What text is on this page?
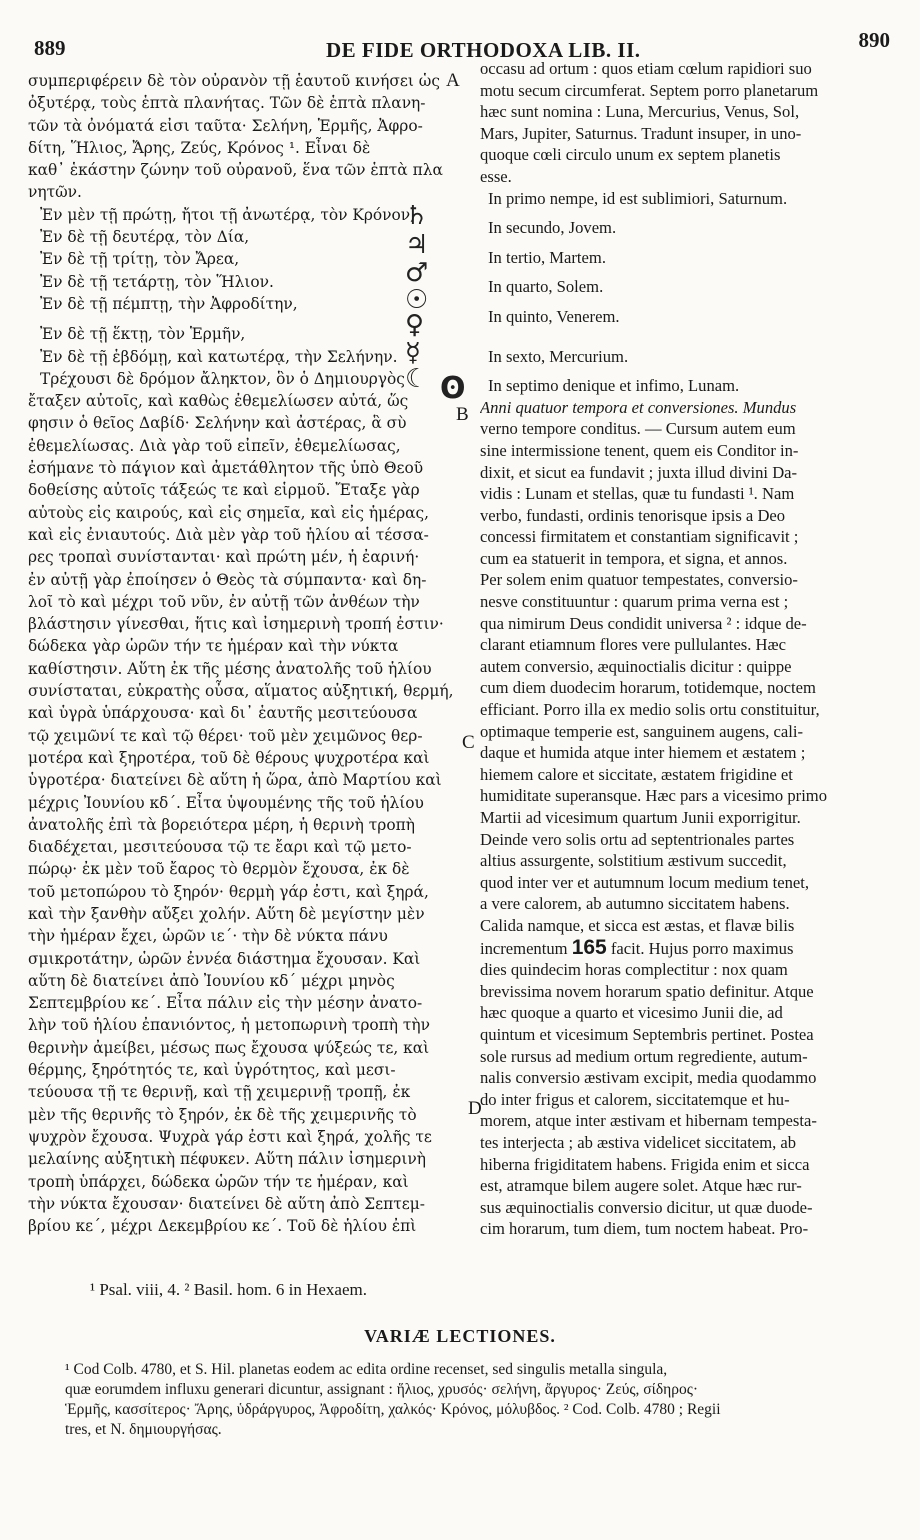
889	DE FIDE ORTHODOXA LIB. II.	890
A
B
C
D
♄
♃
♂
☉
♀
☿
☾ ʘ
συμπεριφέρειν δὲ τὸν οὐρανὸν τῇ ἑαυτοῦ κινήσει ὡς
ὀξυτέρᾳ, τοὺς ἑπτὰ πλανήτας. Τῶν δὲ ἑπτὰ πλανη-
τῶν τὰ ὀνόματά εἰσι ταῦτα· Σελήνη, Ἑρμῆς, Ἀφρο-
δίτη, Ἥλιος, Ἄρης, Ζεύς, Κρόνος ¹. Εἶναι δὲ
καθ᾽ ἑκάστην ζώνην τοῦ οὐρανοῦ, ἕνα τῶν ἑπτὰ πλα
νητῶν.
Ἐν μὲν τῇ πρώτῃ, ἤτοι τῇ ἀνωτέρᾳ, τὸν Κρόνον,
Ἐν δὲ τῇ δευτέρᾳ, τὸν Δία,
Ἐν δὲ τῇ τρίτῃ, τὸν Ἄρεα,
Ἐν δὲ τῇ τετάρτῃ, τὸν Ἥλιον.
Ἐν δὲ τῇ πέμπτῃ, τὴν Ἀφροδίτην,
Ἐν δὲ τῇ ἕκτῃ, τὸν Ἑρμῆν,
Ἐν δὲ τῇ ἑβδόμῃ, καὶ κατωτέρᾳ, τὴν Σελήνην.
Τρέχουσι δὲ δρόμον ἄληκτον, ὃν ὁ Δημιουργὸς
ἔταξεν αὐτοῖς, καὶ καθὼς ἐθεμελίωσεν αὐτά, ὥς
φησιν ὁ θεῖος Δαβίδ· Σελήνην καὶ ἀστέρας, ἃ σὺ
ἐθεμελίωσας. Διὰ γὰρ τοῦ εἰπεῖν, ἐθεμελίωσας,
ἐσήμανε τὸ πάγιον καὶ ἀμετάθλητον τῆς ὑπὸ Θεοῦ
δοθείσης αὐτοῖς τάξεώς τε καὶ εἱρμοῦ. Ἔταξε γὰρ
αὐτοὺς εἰς καιρούς, καὶ εἰς σημεῖα, καὶ εἰς ἡμέρας,
καὶ εἰς ἐνιαυτούς. Διὰ μὲν γὰρ τοῦ ἡλίου αἱ τέσσα-
ρες τροπαὶ συνίστανται· καὶ πρώτη μέν, ἡ ἐαρινή·
ἐν αὐτῇ γὰρ ἐποίησεν ὁ Θεὸς τὰ σύμπαντα· καὶ δη-
λοῖ τὸ καὶ μέχρι τοῦ νῦν, ἐν αὐτῇ τῶν ἀνθέων τὴν
βλάστησιν γίνεσθαι, ἥτις καὶ ἰσημερινὴ τροπή ἐστιν·
δώδεκα γὰρ ὡρῶν τήν τε ἡμέραν καὶ τὴν νύκτα
καθίστησιν. Αὕτη ἐκ τῆς μέσης ἀνατολῆς τοῦ ἡλίου
συνίσταται, εὐκρατὴς οὖσα, αἵματος αὐξητική, θερμή,
καὶ ὑγρὰ ὑπάρχουσα· καὶ δι᾽ ἑαυτῆς μεσιτεύουσα
τῷ χειμῶνί τε καὶ τῷ θέρει· τοῦ μὲν χειμῶνος θερ-
μοτέρα καὶ ξηροτέρα, τοῦ δὲ θέρους ψυχροτέρα καὶ
ὑγροτέρα· διατείνει δὲ αὕτη ἡ ὥρα, ἀπὸ Μαρτίου καὶ
μέχρις Ἰουνίου κδ΄. Εἶτα ὑψουμένης τῆς τοῦ ἡλίου
ἀνατολῆς ἐπὶ τὰ βορειότερα μέρη, ἡ θερινὴ τροπὴ
διαδέχεται, μεσιτεύουσα τῷ τε ἔαρι καὶ τῷ μετο-
πώρῳ· ἐκ μὲν τοῦ ἔαρος τὸ θερμὸν ἔχουσα, ἐκ δὲ
τοῦ μετοπώρου τὸ ξηρόν· θερμὴ γάρ ἐστι, καὶ ξηρά,
καὶ τὴν ξανθὴν αὔξει χολήν. Αὕτη δὲ μεγίστην μὲν
τὴν ἡμέραν ἔχει, ὡρῶν ιε΄· τὴν δὲ νύκτα πάνυ
σμικροτάτην, ὡρῶν ἐννέα διάστημα ἔχουσαν. Καὶ
αὕτη δὲ διατείνει ἀπὸ Ἰουνίου κδ΄ μέχρι μηνὸς
Σεπτεμβρίου κε΄. Εἶτα πάλιν εἰς τὴν μέσην ἀνατο-
λὴν τοῦ ἡλίου ἐπανιόντος, ἡ μετοπωρινὴ τροπὴ τὴν
θερινὴν ἀμείβει, μέσως πως ἔχουσα ψύξεώς τε, καὶ
θέρμης, ξηρότητός τε, καὶ ὑγρότητος, καὶ μεσι-
τεύουσα τῇ τε θερινῇ, καὶ τῇ χειμερινῇ τροπῇ, ἐκ
μὲν τῆς θερινῆς τὸ ξηρόν, ἐκ δὲ τῆς χειμερινῆς τὸ
ψυχρὸν ἔχουσα. Ψυχρὰ γάρ ἐστι καὶ ξηρά, χολῆς τε
μελαίνης αὐξητικὴ πέφυκεν. Αὕτη πάλιν ἰσημερινὴ
τροπὴ ὑπάρχει, δώδεκα ὡρῶν τήν τε ἡμέραν, καὶ
τὴν νύκτα ἔχουσαν· διατείνει δὲ αὕτη ἀπὸ Σεπτεμ-
βρίου κε΄, μέχρι Δεκεμβρίου κε΄. Τοῦ δὲ ἡλίου ἐπὶ
occasu ad ortum : quos etiam cœlum rapidiori suo
motu secum circumferat. Septem porro planetarum
hæc sunt nomina : Luna, Mercurius, Venus, Sol,
Mars, Jupiter, Saturnus. Tradunt insuper, in uno-
quoque cœli circulo unum ex septem planetis
esse.
In primo nempe, id est sublimiori, Saturnum.
In secundo, Jovem.
In tertio, Martem.
In quarto, Solem.
In quinto, Venerem.
In sexto, Mercurium.
In septimo denique et infimo, Lunam.
Anni quatuor tempora et conversiones. Mundus
verno tempore conditus. — Cursum autem eum
sine intermissione tenent, quem eis Conditor in-
dixit, et sicut ea fundavit ; juxta illud divini Da-
vidis : Lunam et stellas, quæ tu fundasti ¹. Nam
verbo, fundasti, ordinis tenorisque ipsis a Deo
concessi firmitatem et constantiam significavit ;
cum ea statuerit in tempora, et signa, et annos.
Per solem enim quatuor tempestates, conversio-
nesve constituuntur : quarum prima verna est ;
qua nimirum Deus condidit universa ² : idque de-
clarant etiamnum flores vere pullulantes. Hæc
autem conversio, æquinoctialis dicitur : quippe
cum diem duodecim horarum, totidemque, noctem
efficiant. Porro illa ex medio solis ortu constituitur,
optimaque temperie est, sanguinem augens, cali-
daque et humida atque inter hiemem et æstatem ;
hiemem calore et siccitate, æstatem frigidine et
humiditate superansque. Hæc pars a vicesimo primo
Martii ad vicesimum quartum Junii exporrigitur.
Deinde vero solis ortu ad septentrionales partes
altius assurgente, solstitium æstivum succedit,
quod inter ver et autumnum locum medium tenet,
a vere calorem, ab autumno siccitatem habens.
Calida namque, et sicca est æstas, et flavæ bilis
incrementum 165 facit. Hujus porro maximus
dies quindecim horas complectitur : nox quam
brevissima novem horarum spatio definitur. Atque
hæc quoque a quarto et vicesimo Junii die, ad
quintum et vicesimum Septembris pertinet. Postea
sole rursus ad medium ortum regrediente, autum-
nalis conversio æstivam excipit, media quodammo
do inter frigus et calorem, siccitatemque et hu-
morem, atque inter æstivam et hibernam tempesta-
tes interjecta ; ab æstiva videlicet siccitatem, ab
hiberna frigiditatem habens. Frigida enim et sicca
est, atramque bilem augere solet. Atque hæc rur-
sus æquinoctialis conversio dicitur, ut quæ duode-
cim horarum, tum diem, tum noctem habeat. Pro-
¹ Psal. viii, 4. ² Basil. hom. 6 in Hexaem.
VARIÆ LECTIONES.
¹ Cod Colb. 4780, et S. Hil. planetas eodem ac edita ordine recenset, sed singulis metalla singula,
quæ eorumdem influxu generari dicuntur, assignant : ἥλιος, χρυσός· σελήνη, ἄργυρος· Ζεύς, σίδηρος·
Ἑρμῆς, κασσίτερος· Ἄρης, ὑδράργυρος, Ἀφροδίτη, χαλκός· Κρόνος, μόλυβδος. ² Cod. Colb. 4780 ; Regii
tres, et N. δημιουργήσας.
